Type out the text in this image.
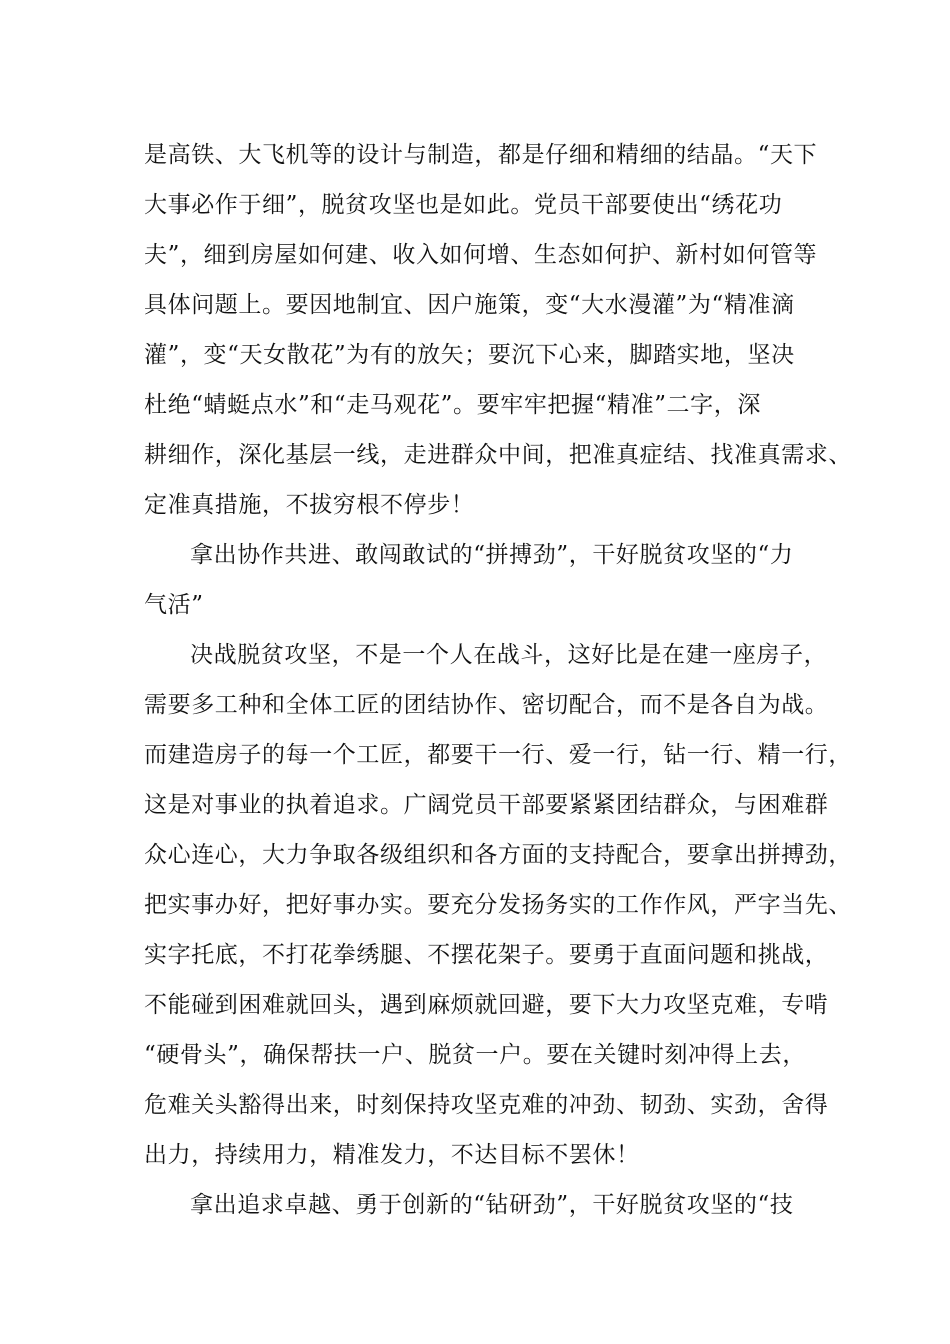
是高铁、大飞机等的设计与制造，都是仔细和精细的结晶。“天下
大事必作于细”，脱贫攻坚也是如此。党员干部要使出“绣花功
夫”，细到房屋如何建、收入如何增、生态如何护、新村如何管等
具体问题上。要因地制宜、因户施策，变“大水漫灌”为“精准滴
灌”，变“天女散花”为有的放矢；要沉下心来，脚踏实地，坚决
杜绝“蜻蜓点水”和“走马观花”。要牢牢把握“精准”二字，深
耕细作，深化基层一线，走进群众中间，把准真症结、找准真需求、
定准真措施，不拔穷根不停步！
拿出协作共进、敢闯敢试的“拼搏劲”，干好脱贫攻坚的“力
气活”
决战脱贫攻坚，不是一个人在战斗，这好比是在建一座房子，
需要多工种和全体工匠的团结协作、密切配合，而不是各自为战。
而建造房子的每一个工匠，都要干一行、爱一行，钻一行、精一行，
这是对事业的执着追求。广阔党员干部要紧紧团结群众，与困难群
众心连心，大力争取各级组织和各方面的支持配合，要拿出拼搏劲，
把实事办好，把好事办实。要充分发扬务实的工作作风，严字当先、
实字托底，不打花拳绣腿、不摆花架子。要勇于直面问题和挑战，
不能碰到困难就回头，遇到麻烦就回避，要下大力攻坚克难，专啃
“硬骨头”，确保帮扶一户、脱贫一户。要在关键时刻冲得上去，
危难关头豁得出来，时刻保持攻坚克难的冲劲、韧劲、实劲，舍得
出力，持续用力，精准发力，不达目标不罢休！
拿出追求卓越、勇于创新的“钻研劲”，干好脱贫攻坚的“技
